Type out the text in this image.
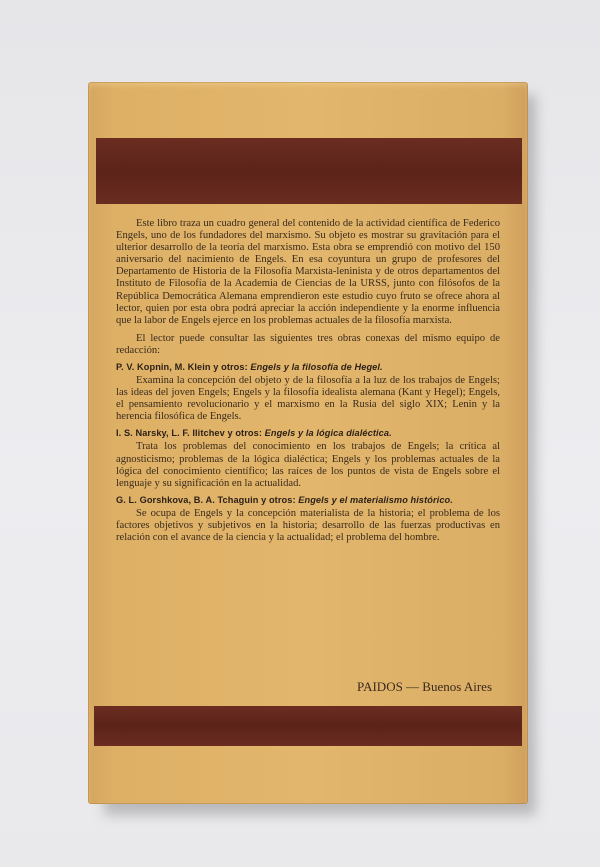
Este libro traza un cuadro general del contenido de la actividad científica de Federico Engels, uno de los fundadores del marxismo. Su objeto es mostrar su gravitación para el ulterior desarrollo de la teoría del marxismo. Esta obra se emprendió con motivo del 150 aniversario del nacimiento de Engels. En esa coyuntura un grupo de profesores del Departamento de Historia de la Filosofía Marxista-leninista y de otros departamentos del Instituto de Filosofía de la Academia de Ciencias de la URSS, junto con filósofos de la República Democrática Alemana emprendieron este estudio cuyo fruto se ofrece ahora al lector, quien por esta obra podrá apreciar la acción independiente y la enorme influencia que la labor de Engels ejerce en los problemas actuales de la filosofía marxista.

El lector puede consultar las siguientes tres obras conexas del mismo equipo de redacción:

P. V. Kopnin, M. Klein y otros: Engels y la filosofía de Hegel.

Examina la concepción del objeto y de la filosofía a la luz de los trabajos de Engels; las ideas del joven Engels; Engels y la filosofía idealista alemana (Kant y Hegel); Engels, el pensamiento revolucionario y el marxismo en la Rusia del siglo XIX; Lenin y la herencia filosófica de Engels.

I. S. Narsky, L. F. Ilitchev y otros: Engels y la lógica dialéctica.

Trata los problemas del conocimiento en los trabajos de Engels; la crítica al agnosticismo; problemas de la lógica dialéctica; Engels y los problemas actuales de la lógica del conocimiento científico; las raíces de los puntos de vista de Engels sobre el lenguaje y su significación en la actualidad.

G. L. Gorshkova, B. A. Tchaguin y otros: Engels y el materialismo histórico.

Se ocupa de Engels y la concepción materialista de la historia; el problema de los factores objetivos y subjetivos en la historia; desarrollo de las fuerzas productivas en relación con el avance de la ciencia y la actualidad; el problema del hombre.

PAIDOS — Buenos Aires
